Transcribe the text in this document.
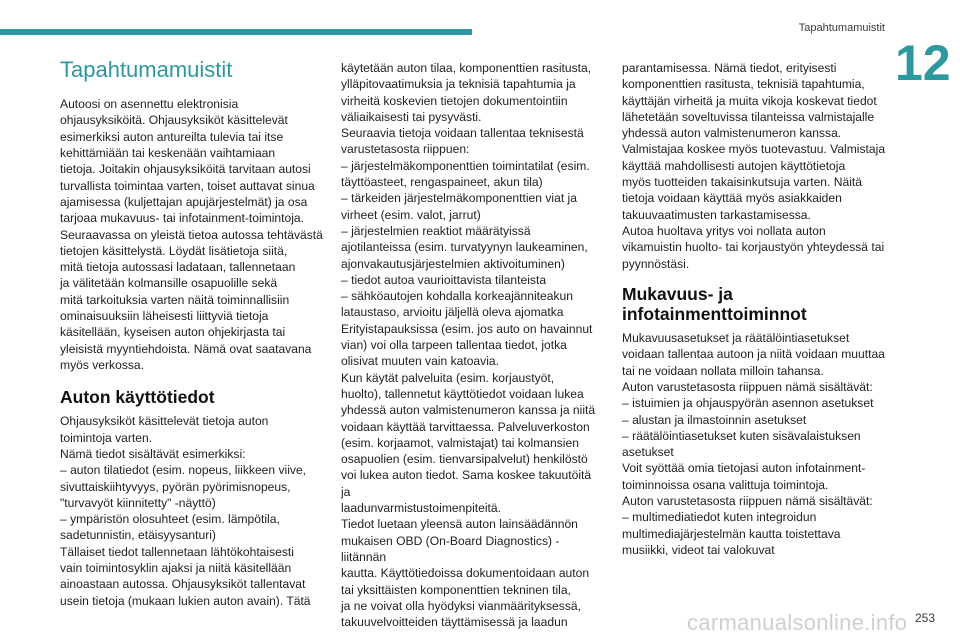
Tapahtumamuistit
12
Tapahtumamuistit

Autoosi on asennettu elektronisia

ohjausyksiköitä. Ohjausyksiköt käsittelevät

esimerkiksi auton antureilta tulevia tai itse

kehittämiään tai keskenään vaihtamiaan

tietoja. Joitakin ohjausyksiköitä tarvitaan autosi

turvallista toimintaa varten, toiset auttavat sinua

ajamisessa (kuljettajan apujärjestelmät) ja osa

tarjoaa mukavuus- tai infotainment-toimintoja.

Seuraavassa on yleistä tietoa autossa tehtävästä

tietojen käsittelystä. Löydät lisätietoja siitä,

mitä tietoja autossasi ladataan, tallennetaan

ja välitetään kolmansille osapuolille sekä

mitä tarkoituksia varten näitä toiminnallisiin

ominaisuuksiin läheisesti liittyviä tietoja

käsitellään, kyseisen auton ohjekirjasta tai

yleisistä myyntiehdoista. Nämä ovat saatavana

myös verkossa.

Auton käyttötiedot

Ohjausyksiköt käsittelevät tietoja auton

toimintoja varten.

Nämä tiedot sisältävät esimerkiksi:

– auton tilatiedot (esim. nopeus, liikkeen viive,

sivuttaiskiihtyvyys, pyörän pyörimisnopeus,

"turvavyöt kiinnitetty" -näyttö)

– ympäristön olosuhteet (esim. lämpötila,

sadetunnistin, etäisyysanturi)

Tällaiset tiedot tallennetaan lähtökohtaisesti

vain toimintosyklin ajaksi ja niitä käsitellään

ainoastaan autossa. Ohjausyksiköt tallentavat

usein tietoja (mukaan lukien auton avain). Tätä

käytetään auton tilaa, komponenttien rasitusta,

ylläpitovaatimuksia ja teknisiä tapahtumia ja

virheitä koskevien tietojen dokumentointiin

väliaikaisesti tai pysyvästi.

Seuraavia tietoja voidaan tallentaa teknisestä

varustetasosta riippuen:

– järjestelmäkomponenttien toimintatilat (esim.

täyttöasteet, rengaspaineet, akun tila)

– tärkeiden järjestelmäkomponenttien viat ja

virheet (esim. valot, jarrut)

– järjestelmien reaktiot määrätyissä

ajotilanteissa (esim. turvatyynyn laukeaminen,

ajonvakautusjärjestelmien aktivoituminen)

– tiedot autoa vaurioittavista tilanteista

– sähköautojen kohdalla korkeajänniteakun

lataustaso, arvioitu jäljellä oleva ajomatka

Erityistapauksissa (esim. jos auto on havainnut

vian) voi olla tarpeen tallentaa tiedot, jotka

olisivat muuten vain katoavia.

Kun käytät palveluita (esim. korjaustyöt,

huolto), tallennetut käyttötiedot voidaan lukea

yhdessä auton valmistenumeron kanssa ja niitä

voidaan käyttää tarvittaessa. Palveluverkoston

(esim. korjaamot, valmistajat) tai kolmansien

osapuolien (esim. tienvarsipalvelut) henkilöstö

voi lukea auton tiedot. Sama koskee takuutöitä ja

laadunvarmistustoimenpiteitä.

Tiedot luetaan yleensä auton lainsäädännön

mukaisen OBD (On-Board Diagnostics) -liitännän

kautta. Käyttötiedoissa dokumentoidaan auton

tai yksittäisten komponenttien tekninen tila,

ja ne voivat olla hyödyksi vianmäärityksessä,

takuuvelvoitteiden täyttämisessä ja laadun

parantamisessa. Nämä tiedot, erityisesti

komponenttien rasitusta, teknisiä tapahtumia,

käyttäjän virheitä ja muita vikoja koskevat tiedot

lähetetään soveltuvissa tilanteissa valmistajalle

yhdessä auton valmistenumeron kanssa.

Valmistajaa koskee myös tuotevastuu. Valmistaja

käyttää mahdollisesti autojen käyttötietoja

myös tuotteiden takaisinkutsuja varten. Näitä

tietoja voidaan käyttää myös asiakkaiden

takuuvaatimusten tarkastamisessa.

Autoa huoltava yritys voi nollata auton

vikamuistin huolto- tai korjaustyön yhteydessä tai

pyynnöstäsi.

Mukavuus- ja
infotainmenttoiminnot

Mukavuusasetukset ja räätälöintiasetukset

voidaan tallentaa autoon ja niitä voidaan muuttaa

tai ne voidaan nollata milloin tahansa.

Auton varustetasosta riippuen nämä sisältävät:

– istuimien ja ohjauspyörän asennon asetukset

– alustan ja ilmastoinnin asetukset

– räätälöintiasetukset kuten sisävalaistuksen

asetukset

Voit syöttää omia tietojasi auton infotainment-

toiminnoissa osana valittuja toimintoja.

Auton varustetasosta riippuen nämä sisältävät:

– multimediatiedot kuten integroidun

multimediajärjestelmän kautta toistettava

musiikki, videot tai valokuvat

carmanualsonline.info 253
